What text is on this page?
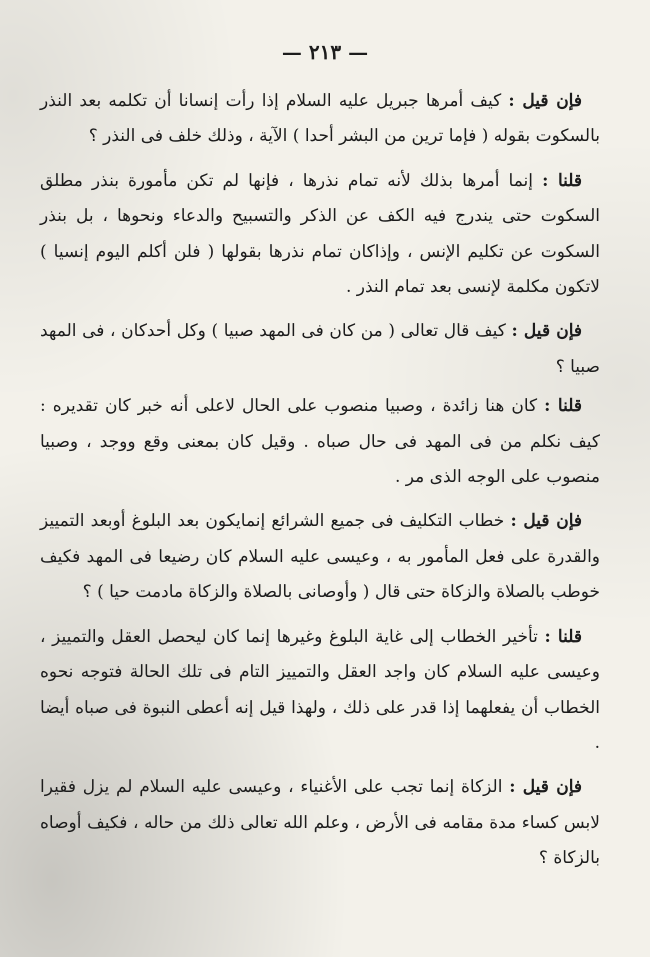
— ٢١٣ —

فإن قيل : كيف أمرها جبريل عليه السلام إذا رأت إنسانا أن تكلمه بعد النذر بالسكوت بقوله ( فإما ترين من البشر أحدا ) الآية ، وذلك خلف فى النذر ؟

قلنا : إنما أمرها بذلك لأنه تمام نذرها ، فإنها لم تكن مأمورة بنذر مطلق السكوت حتى يندرج فيه الكف عن الذكر والتسبيح والدعاء ونحوها ، بل بنذر السكوت عن تكليم الإنس ، وإذاكان تمام نذرها بقولها ( فلن أكلم اليوم إنسيا ) لاتكون مكلمة لإنسى بعد تمام النذر .

فإن قيل : كيف قال تعالى ( من كان فى المهد صبيا ) وكل أحدكان ، فى المهد صبيا ؟

قلنا : كان هنا زائدة ، وصبيا منصوب على الحال لاعلى أنه خبر كان تقديره : كيف نكلم من فى المهد فى حال صباه . وقيل كان بمعنى وقع ووجد ، وصبيا منصوب على الوجه الذى مر .

فإن قيل : خطاب التكليف فى جميع الشرائع إنمايكون بعد البلوغ أوبعد التمييز والقدرة على فعل المأمور به ، وعيسى عليه السلام كان رضيعا فى المهد فكيف خوطب بالصلاة والزكاة حتى قال ( وأوصانى بالصلاة والزكاة مادمت حيا ) ؟

قلنا : تأخير الخطاب إلى غاية البلوغ وغيرها إنما كان ليحصل العقل والتمييز ، وعيسى عليه السلام كان واجد العقل والتمييز التام فى تلك الحالة فتوجه نحوه الخطاب أن يفعلهما إذا قدر على ذلك ، ولهذا قيل إنه أعطى النبوة فى صباه أيضا .

فإن قيل : الزكاة إنما تجب على الأغنياء ، وعيسى عليه السلام لم يزل فقيرا لابس كساء مدة مقامه فى الأرض ، وعلم الله تعالى ذلك من حاله ، فكيف أوصاه بالزكاة ؟
